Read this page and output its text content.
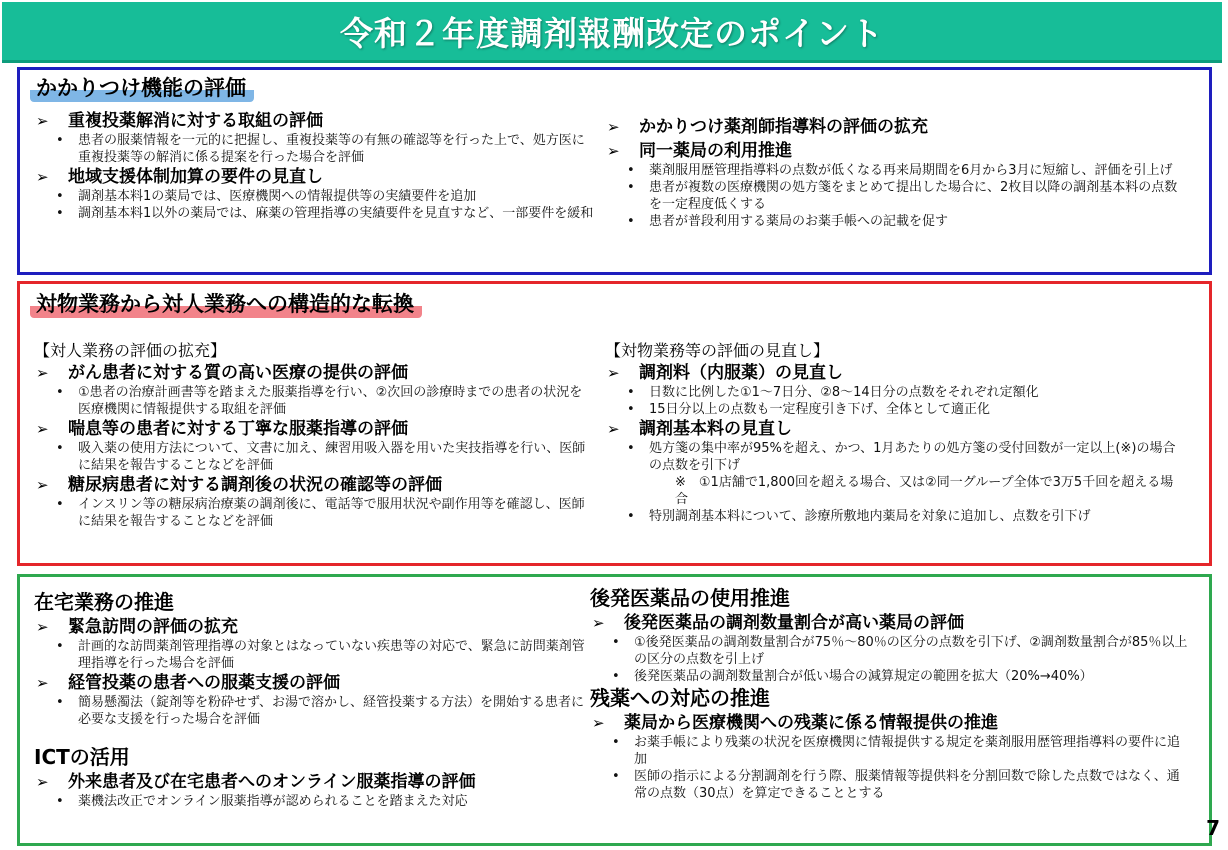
令和２年度調剤報酬改定のポイント
かかりつけ機能の評価
➢ 重複投薬解消に対する取組の評価
• 患者の服薬情報を一元的に把握し、重複投薬等の有無の確認等を行った上で、処方医に重複投薬等の解消に係る提案を行った場合を評価
➢ 地域支援体制加算の要件の見直し
• 調剤基本料1の薬局では、医療機関への情報提供等の実績要件を追加
• 調剤基本料1以外の薬局では、麻薬の管理指導の実績要件を見直すなど、一部要件を緩和
➢ かかりつけ薬剤師指導料の評価の拡充
➢ 同一薬局の利用推進
• 薬剤服用歴管理指導料の点数が低くなる再来局期間を6月から3月に短縮し、評価を引上げ
• 患者が複数の医療機関の処方箋をまとめて提出した場合に、2枚目以降の調剤基本料の点数を一定程度低くする
• 患者が普段利用する薬局のお薬手帳への記載を促す
対物業務から対人業務への構造的な転換
【対人業務の評価の拡充】
➢ がん患者に対する質の高い医療の提供の評価
• ①患者の治療計画書等を踏まえた服薬指導を行い、②次回の診療時までの患者の状況を医療機関に情報提供する取組を評価
➢ 喘息等の患者に対する丁寧な服薬指導の評価
• 吸入薬の使用方法について、文書に加え、練習用吸入器を用いた実技指導を行い、医師に結果を報告することなどを評価
➢ 糖尿病患者に対する調剤後の状況の確認等の評価
• インスリン等の糖尿病治療薬の調剤後に、電話等で服用状況や副作用等を確認し、医師に結果を報告することなどを評価
【対物業務等の評価の見直し】
➢ 調剤料（内服薬）の見直し
• 日数に比例した①1～7日分、②8～14日分の点数をそれぞれ定額化
• 15日分以上の点数も一定程度引き下げ、全体として適正化
➢ 調剤基本料の見直し
• 処方箋の集中率が95%を超え、かつ、1月あたりの処方箋の受付回数が一定以上(※)の場合の点数を引下げ
※　①1店舗で1,800回を超える場合、又は②同一グループ全体で3万5千回を超える場合
• 特別調剤基本料について、診療所敷地内薬局を対象に追加し、点数を引下げ
在宅業務の推進
➢ 緊急訪問の評価の拡充
• 計画的な訪問薬剤管理指導の対象とはなっていない疾患等の対応で、緊急に訪問薬剤管理指導を行った場合を評価
➢ 経管投薬の患者への服薬支援の評価
• 簡易懸濁法（錠剤等を粉砕せず、お湯で溶かし、経管投薬する方法）を開始する患者に必要な支援を行った場合を評価
ICTの活用
➢ 外来患者及び在宅患者へのオンライン服薬指導の評価
• 薬機法改正でオンライン服薬指導が認められることを踏まえた対応
後発医薬品の使用推進
➢ 後発医薬品の調剤数量割合が高い薬局の評価
• ①後発医薬品の調剤数量割合が75％～80％の区分の点数を引下げ、②調剤数量割合が85％以上の区分の点数を引上げ
• 後発医薬品の調剤数量割合が低い場合の減算規定の範囲を拡大（20%→40%）
残薬への対応の推進
➢ 薬局から医療機関への残薬に係る情報提供の推進
• お薬手帳により残薬の状況を医療機関に情報提供する規定を薬剤服用歴管理指導料の要件に追加
• 医師の指示による分割調剤を行う際、服薬情報等提供料を分割回数で除した点数ではなく、通常の点数（30点）を算定できることとする
7
